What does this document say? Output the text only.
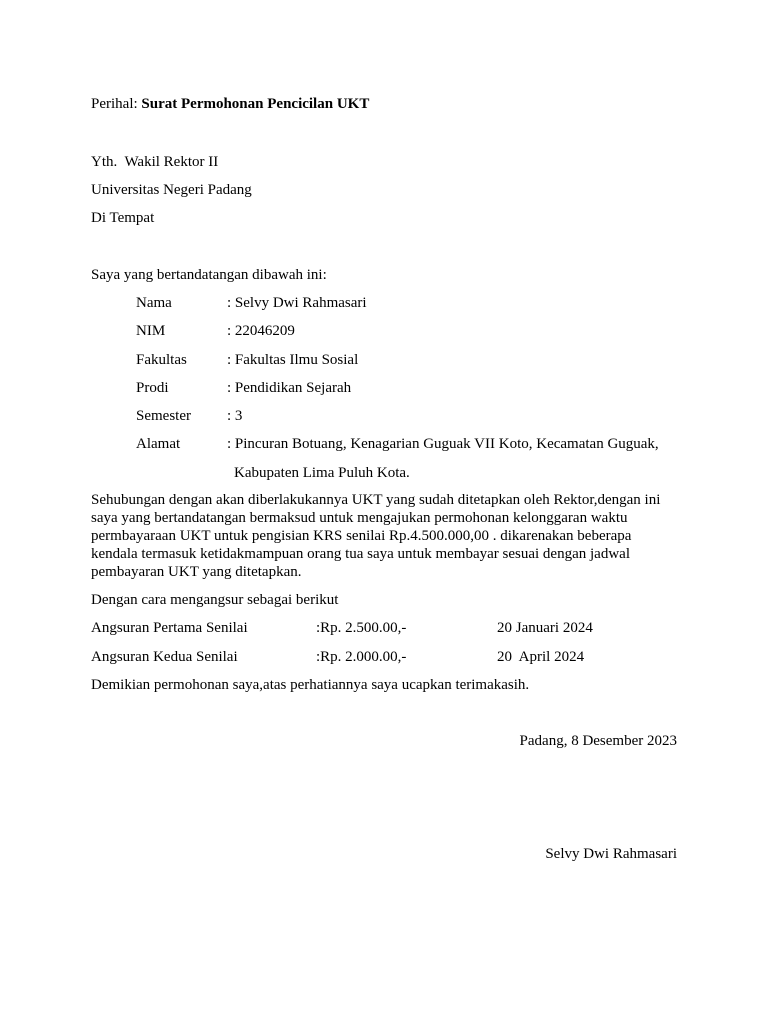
Perihal: Surat Permohonan Pencicilan UKT
Yth.  Wakil Rektor II
Universitas Negeri Padang
Di Tempat
Saya yang bertandatangan dibawah ini:
Nama	: Selvy Dwi Rahmasari
NIM	: 22046209
Fakultas	: Fakultas Ilmu Sosial
Prodi	: Pendidikan Sejarah
Semester : 3
Alamat	: Pincuran Botuang, Kenagarian Guguak VII Koto, Kecamatan Guguak,
Kabupaten Lima Puluh Kota.
Sehubungan dengan akan diberlakukannya UKT yang sudah ditetapkan oleh Rektor,dengan ini saya yang bertandatangan bermaksud untuk mengajukan permohonan kelonggaran waktu permbayaraan UKT untuk pengisian KRS senilai Rp.4.500.000,00 . dikarenakan beberapa kendala termasuk ketidakmampuan orang tua saya untuk membayar sesuai dengan jadwal pembayaran UKT yang ditetapkan.
Dengan cara mengangsur sebagai berikut
Angsuran Pertama Senilai	:Rp. 2.500.00,-	20 Januari 2024
Angsuran Kedua Senilai	:Rp. 2.000.00,-	20  April 2024
Demikian permohonan saya,atas perhatiannya saya ucapkan terimakasih.
Padang, 8 Desember 2023
Selvy Dwi Rahmasari
